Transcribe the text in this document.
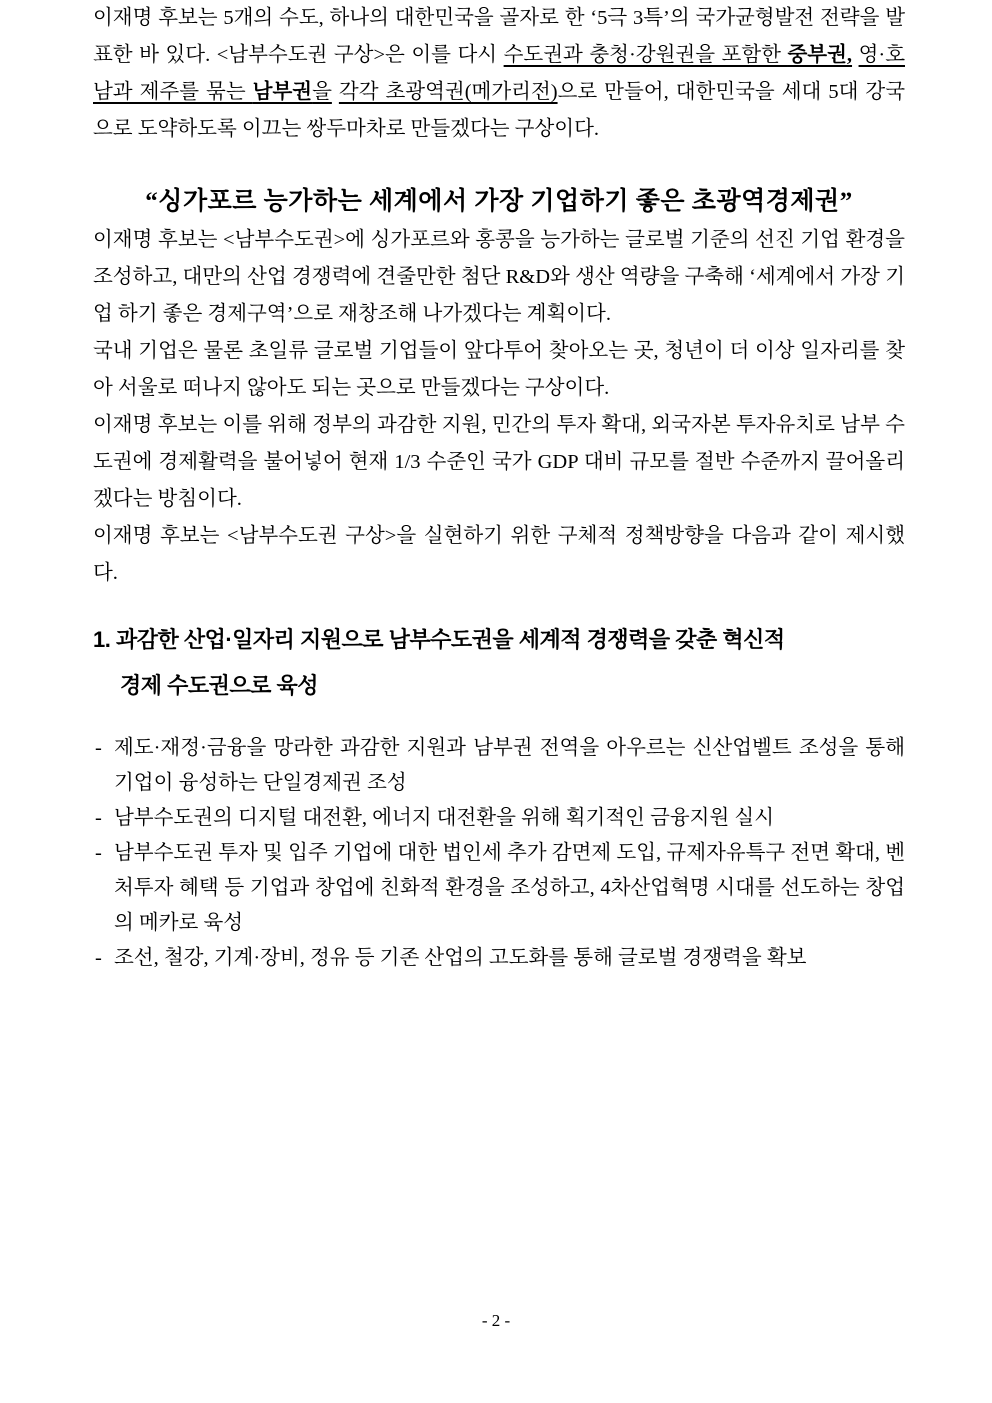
이재명 후보는 5개의 수도, 하나의 대한민국을 골자로 한 ‘5극 3특’의 국가균형발전 전략을 발표한 바 있다. <남부수도권 구상>은 이를 다시 수도권과 충청·강원권을 포함한 중부권, 영·호남과 제주를 묶는 남부권을 각각 초광역권(메가리전)으로 만들어, 대한민국을 세대 5대 강국으로 도약하도록 이끄는 쌍두마차로 만들겠다는 구상이다.

“싱가포르 능가하는 세계에서 가장 기업하기 좋은 초광역경제권”

이재명 후보는 <남부수도권>에 싱가포르와 홍콩을 능가하는 글로벌 기준의 선진 기업 환경을 조성하고, 대만의 산업 경쟁력에 견줄만한 첨단 R&D와 생산 역량을 구축해 ‘세계에서 가장 기업 하기 좋은 경제구역’으로 재창조해 나가겠다는 계획이다.

국내 기업은 물론 초일류 글로벌 기업들이 앞다투어 찾아오는 곳, 청년이 더 이상 일자리를 찾아 서울로 떠나지 않아도 되는 곳으로 만들겠다는 구상이다.

이재명 후보는 이를 위해 정부의 과감한 지원, 민간의 투자 확대, 외국자본 투자유치로 남부 수도권에 경제활력을 불어넣어 현재 1/3 수준인 국가 GDP 대비 규모를 절반 수준까지 끌어올리겠다는 방침이다.

이재명 후보는 <남부수도권 구상>을 실현하기 위한 구체적 정책방향을 다음과 같이 제시했다.

1. 과감한 산업·일자리 지원으로 남부수도권을 세계적 경쟁력을 갖춘 혁신적
경제 수도권으로 육성
- 제도·재정·금융을 망라한 과감한 지원과 남부권 전역을 아우르는 신산업벨트 조성을 통해 기업이 융성하는 단일경제권 조성
- 남부수도권의 디지털 대전환, 에너지 대전환을 위해 획기적인 금융지원 실시
- 남부수도권 투자 및 입주 기업에 대한 법인세 추가 감면제 도입, 규제자유특구 전면 확대, 벤처투자 혜택 등 기업과 창업에 친화적 환경을 조성하고, 4차산업혁명 시대를 선도하는 창업의 메카로 육성
- 조선, 철강, 기계·장비, 정유 등 기존 산업의 고도화를 통해 글로벌 경쟁력을 확보
- 2 -
